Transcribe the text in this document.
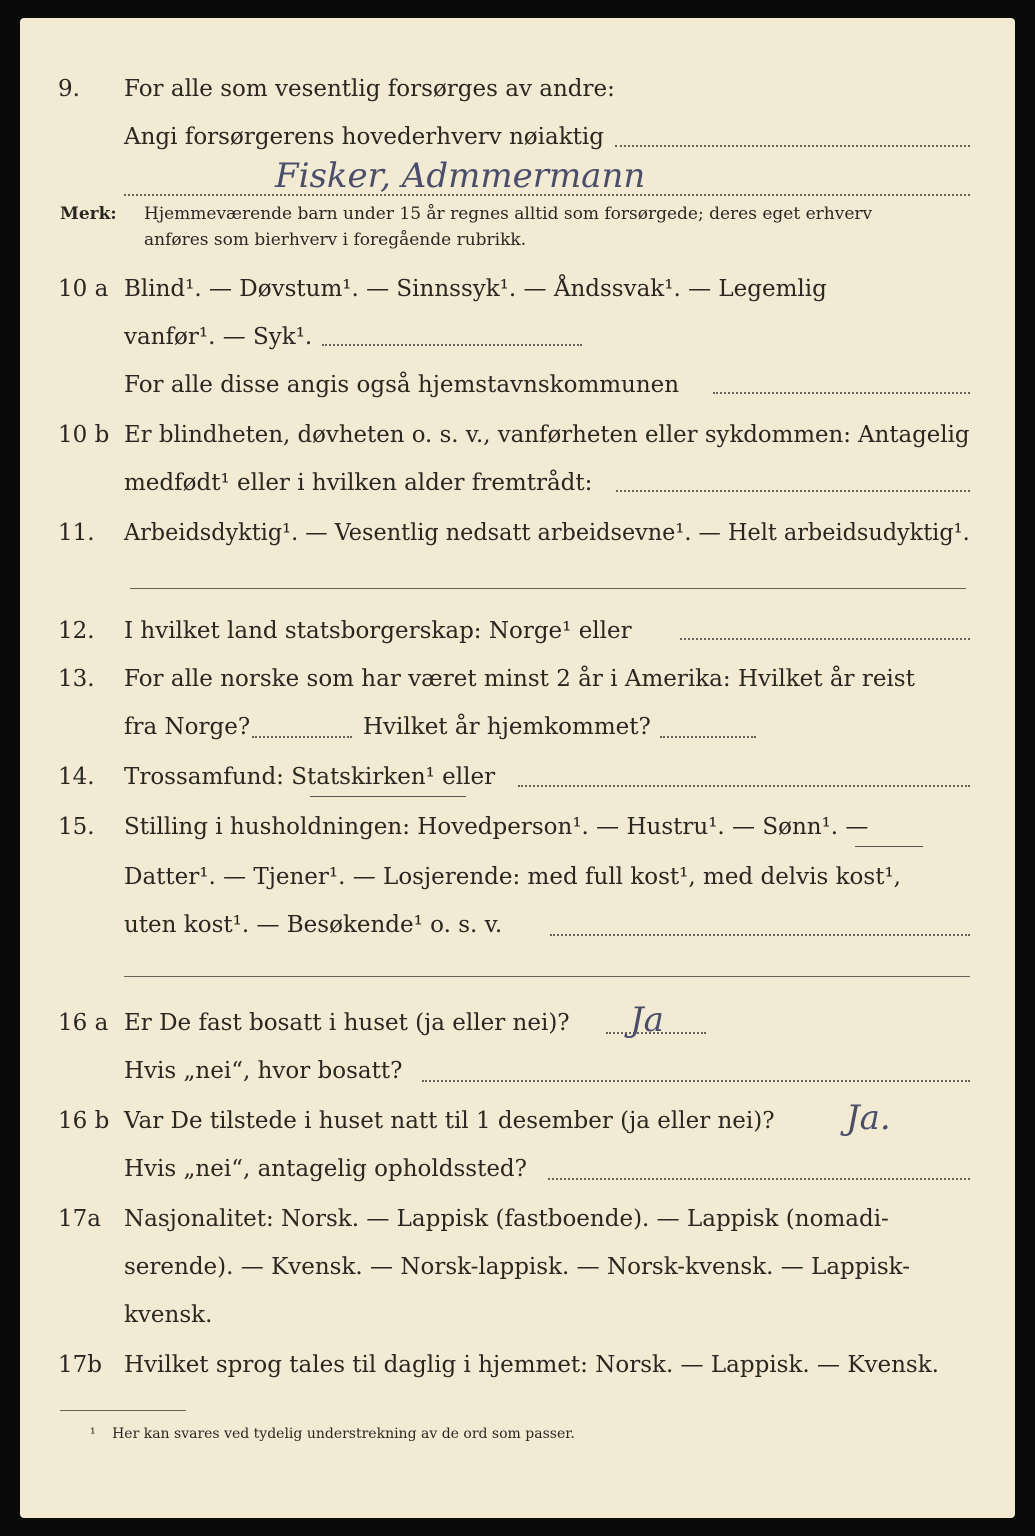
9. For alle som vesentlig forsørges av andre:
Angi forsørgerens hovederhverv nøiaktig
Fisker, Admmermann
Merk: Hjemmeværende barn under 15 år regnes alltid som forsørgede; deres eget erhverv
anføres som bierhverv i foregående rubrikk.
10 a Blind¹. — Døvstum¹. — Sinnssyk¹. — Åndssvak¹. — Legemlig
vanfør¹. — Syk¹.
For alle disse angis også hjemstavnskommunen
10 b Er blindheten, døvheten o. s. v., vanførheten eller sykdommen: Antagelig
medfødt¹ eller i hvilken alder fremtrådt:
11. Arbeidsdyktig¹. — Vesentlig nedsatt arbeidsevne¹. — Helt arbeidsudyktig¹.
12. I hvilket land statsborgerskap: Norge¹ eller
13. For alle norske som har været minst 2 år i Amerika: Hvilket år reist
fra Norge?	Hvilket år hjemkommet?
14. Trossamfund: Statskirken¹ eller
15. Stilling i husholdningen: Hovedperson¹. — Hustru¹. — Sønn¹. —
Datter¹. — Tjener¹. — Losjerende: med full kost¹, med delvis kost¹,
uten kost¹. — Besøkende¹ o. s. v.
16 a Er De fast bosatt i huset (ja eller nei)? Ja
Hvis „nei“, hvor bosatt?
16 b Var De tilstede i huset natt til 1 desember (ja eller nei)? Ja.
Hvis „nei“, antagelig opholdssted?
17a Nasjonalitet: Norsk. — Lappisk (fastboende). — Lappisk (nomadi-
serende). — Kvensk. — Norsk-lappisk. — Norsk-kvensk. — Lappisk-
kvensk.
17b Hvilket sprog tales til daglig i hjemmet: Norsk. — Lappisk. — Kvensk.
¹ Her kan svares ved tydelig understrekning av de ord som passer.
